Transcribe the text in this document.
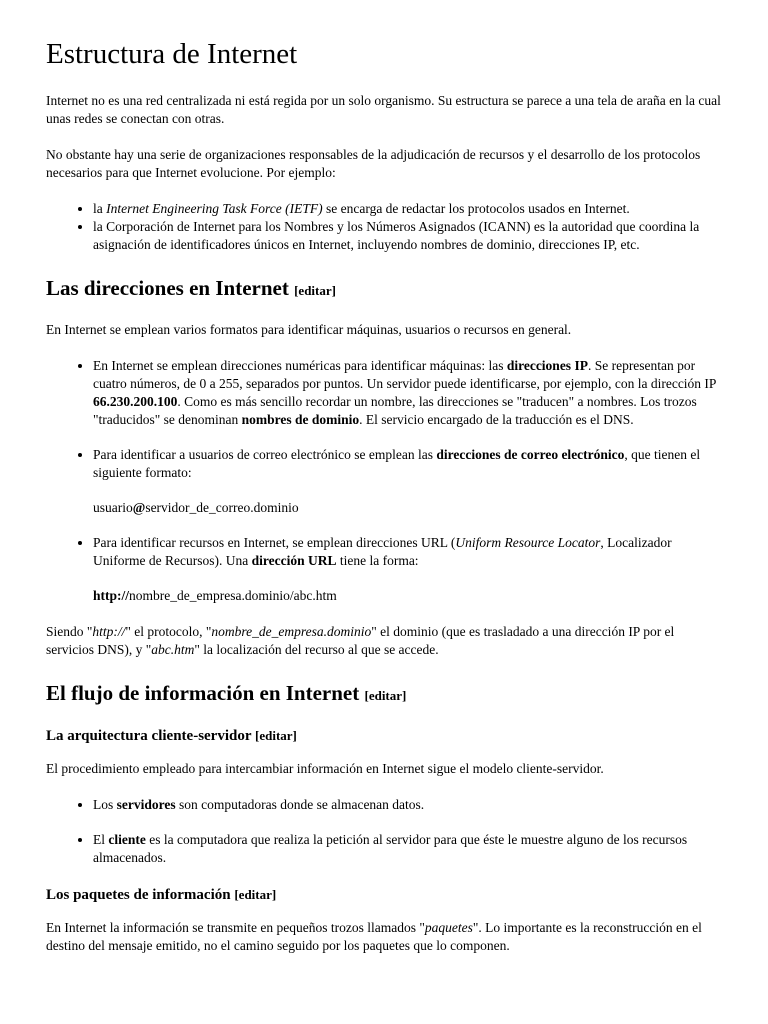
Estructura de Internet

Internet no es una red centralizada ni está regida por un solo organismo. Su estructura se parece a una tela de araña en la cual unas redes se conectan con otras.

No obstante hay una serie de organizaciones responsables de la adjudicación de recursos y el desarrollo de los protocolos necesarios para que Internet evolucione. Por ejemplo:

• la Internet Engineering Task Force (IETF) se encarga de redactar los protocolos usados en Internet.
• la Corporación de Internet para los Nombres y los Números Asignados (ICANN) es la autoridad que coordina la asignación de identificadores únicos en Internet, incluyendo nombres de dominio, direcciones IP, etc.
Las direcciones en Internet [editar]

En Internet se emplean varios formatos para identificar máquinas, usuarios o recursos en general.

• En Internet se emplean direcciones numéricas para identificar máquinas: las direcciones IP. Se representan por cuatro números, de 0 a 255, separados por puntos. Un servidor puede identificarse, por ejemplo, con la dirección IP 66.230.200.100. Como es más sencillo recordar un nombre, las direcciones se "traducen" a nombres. Los trozos "traducidos" se denominan nombres de dominio. El servicio encargado de la traducción es el DNS.
• Para identificar a usuarios de correo electrónico se emplean las direcciones de correo electrónico, que tienen el siguiente formato:

usuario@servidor_de_correo.dominio

• Para identificar recursos en Internet, se emplean direcciones URL (Uniform Resource Locator, Localizador Uniforme de Recursos). Una dirección URL tiene la forma:

http://nombre_de_empresa.dominio/abc.htm

Siendo "http://" el protocolo, "nombre_de_empresa.dominio" el dominio (que es trasladado a una dirección IP por el servicios DNS), y "abc.htm" la localización del recurso al que se accede.

El flujo de información en Internet [editar]
La arquitectura cliente-servidor [editar]

El procedimiento empleado para intercambiar información en Internet sigue el modelo cliente-servidor.

• Los servidores son computadoras donde se almacenan datos.
• El cliente es la computadora que realiza la petición al servidor para que éste le muestre alguno de los recursos almacenados.
Los paquetes de información [editar]

En Internet la información se transmite en pequeños trozos llamados "paquetes". Lo importante es la reconstrucción en el destino del mensaje emitido, no el camino seguido por los paquetes que lo componen.
